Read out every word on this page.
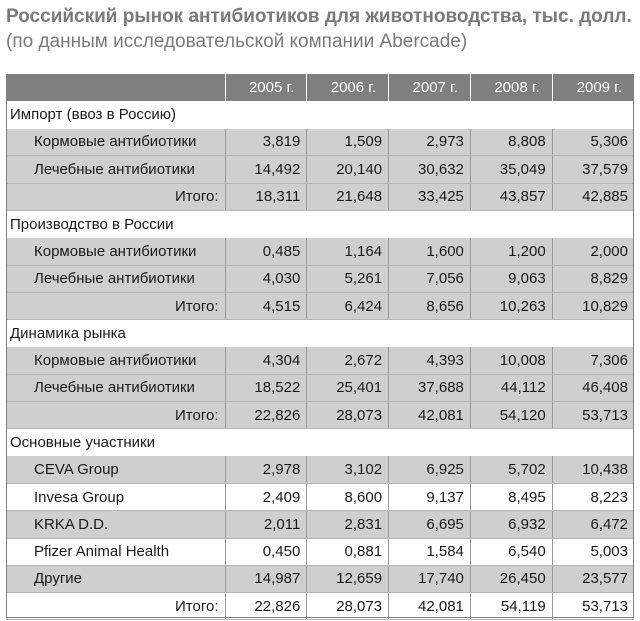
Российский рынок антибиотиков для животноводства, тыс. долл. (по данным исследовательской компании Abercade)
	2005 г.	2006 г.	2007 г.	2008 г.	2009 г.
Импорт (ввоз в Россию)					
Кормовые антибиотики	3,819	1,509	2,973	8,808	5,306
Лечебные антибиотики	14,492	20,140	30,632	35,049	37,579
Итого:	18,311	21,648	33,425	43,857	42,885
Производство в России					
Кормовые антибиотики	0,485	1,164	1,600	1,200	2,000
Лечебные антибиотики	4,030	5,261	7,056	9,063	8,829
Итого:	4,515	6,424	8,656	10,263	10,829
Динамика рынка					
Кормовые антибиотики	4,304	2,672	4,393	10,008	7,306
Лечебные антибиотики	18,522	25,401	37,688	44,112	46,408
Итого:	22,826	28,073	42,081	54,120	53,713
Основные участники					
CEVA Group	2,978	3,102	6,925	5,702	10,438
Invesa Group	2,409	8,600	9,137	8,495	8,223
KRKA D.D.	2,011	2,831	6,695	6,932	6,472
Pfizer Animal Health	0,450	0,881	1,584	6,540	5,003
Другие	14,987	12,659	17,740	26,450	23,577
Итого:	22,826	28,073	42,081	54,119	53,713
